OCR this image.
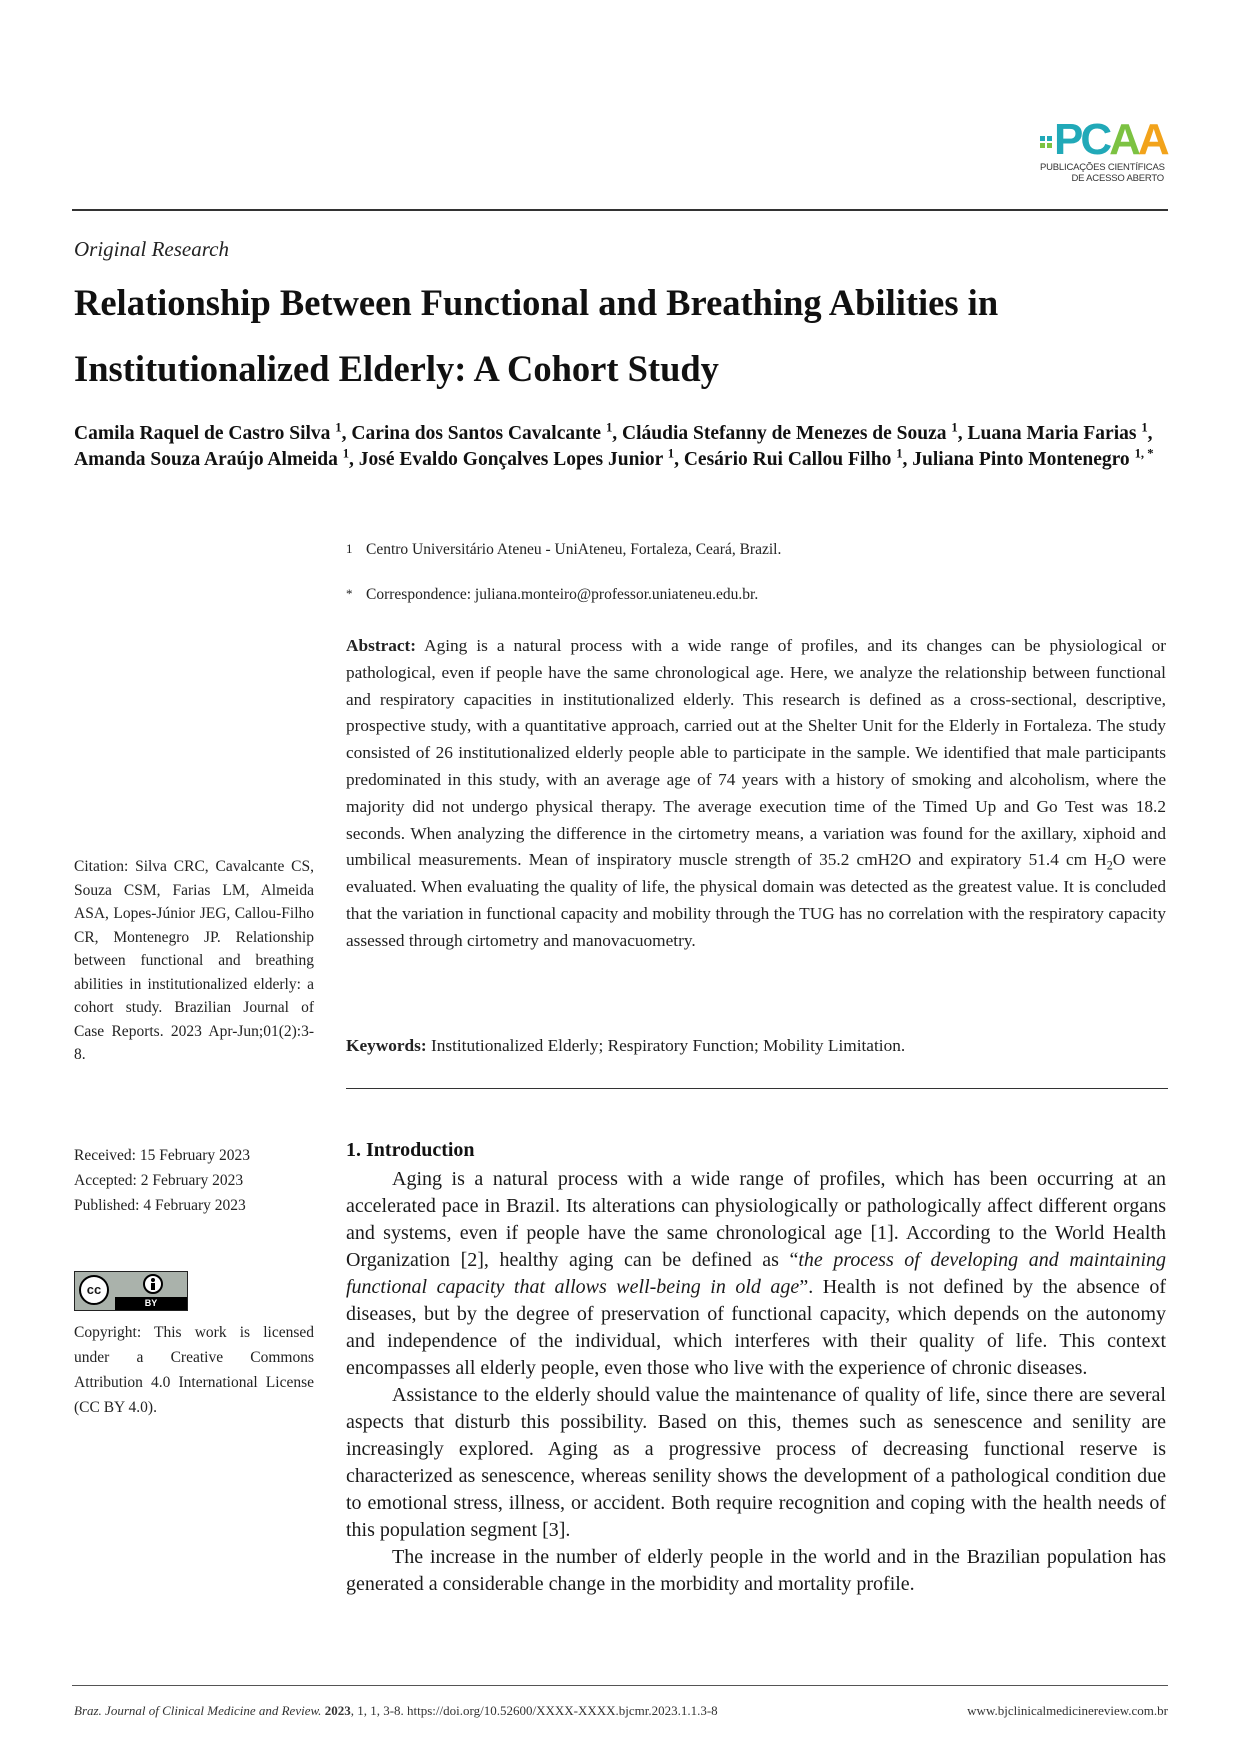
PCAA
PUBLICAÇÕES CIENTÍFICAS
DE ACESSO ABERTO
Original Research
Relationship Between Functional and Breathing Abilities in Institutionalized Elderly: A Cohort Study
Camila Raquel de Castro Silva $^1$, Carina dos Santos Cavalcante $^1$, Cláudia Stefanny de Menezes de Souza $^1$, Luana Maria Farias $^1$, Amanda Souza Araújo Almeida $^1$, José Evaldo Gonçalves Lopes Junior $^1$, Cesário Rui Callou Filho $^1$, Juliana Pinto Montenegro $^{1, *}$
1 Centro Universitário Ateneu - UniAteneu, Fortaleza, Ceará, Brazil.
* Correspondence: juliana.monteiro@professor.uniateneu.edu.br.
Abstract: Aging is a natural process with a wide range of profiles, and its changes can be physiological or pathological, even if people have the same chronological age. Here, we analyze the relationship between functional and respiratory capacities in institutionalized elderly. This research is defined as a cross-sectional, descriptive, prospective study, with a quantitative approach, carried out at the Shelter Unit for the Elderly in Fortaleza. The study consisted of 26 institutionalized elderly people able to participate in the sample. We identified that male participants predominated in this study, with an average age of 74 years with a history of smoking and alcoholism, where the majority did not undergo physical therapy. The average execution time of the Timed Up and Go Test was 18.2 seconds. When analyzing the difference in the cirtometry means, a variation was found for the axillary, xiphoid and umbilical measurements. Mean of inspiratory muscle strength of 35.2 cmH2O and expiratory 51.4 cm $H_2O$ were evaluated. When evaluating the quality of life, the physical domain was detected as the greatest value. It is concluded that the variation in functional capacity and mobility through the TUG has no correlation with the respiratory capacity assessed through cirtometry and manovacuometry.
Keywords: Institutionalized Elderly; Respiratory Function; Mobility Limitation.
Citation: Silva CRC, Cavalcante CS, Souza CSM, Farias LM, Almeida ASA, Lopes-Júnior JEG, Callou-Filho CR, Montenegro JP. Relationship between functional and breathing abilities in institutionalized elderly: a cohort study. Brazilian Journal of Case Reports. 2023 Apr-Jun;01(2):3-8.
Received: 15 February 2023
Accepted: 2 February 2023
Published: 4 February 2023
cc
BY
Copyright: This work is licensed under a Creative Commons Attribution 4.0 International License (CC BY 4.0).
1. Introduction

Aging is a natural process with a wide range of profiles, which has been occurring at an accelerated pace in Brazil. Its alterations can physiologically or pathologically affect different organs and systems, even if people have the same chronological age [1]. According to the World Health Organization [2], healthy aging can be defined as “the process of developing and maintaining functional capacity that allows well-being in old age”. Health is not defined by the absence of diseases, but by the degree of preservation of functional capacity, which depends on the autonomy and independence of the individual, which interferes with their quality of life. This context encompasses all elderly people, even those who live with the experience of chronic diseases.

Assistance to the elderly should value the maintenance of quality of life, since there are several aspects that disturb this possibility. Based on this, themes such as senescence and senility are increasingly explored. Aging as a progressive process of decreasing functional reserve is characterized as senescence, whereas senility shows the development of a pathological condition due to emotional stress, illness, or accident. Both require recognition and coping with the health needs of this population segment [3].

The increase in the number of elderly people in the world and in the Brazilian population has generated a considerable change in the morbidity and mortality profile.

Braz. Journal of Clinical Medicine and Review. 2023, 1, 1, 3-8. https://doi.org/10.52600/XXXX-XXXX.bjcmr.2023.1.1.3-8	www.bjclinicalmedicinereview.com.br
